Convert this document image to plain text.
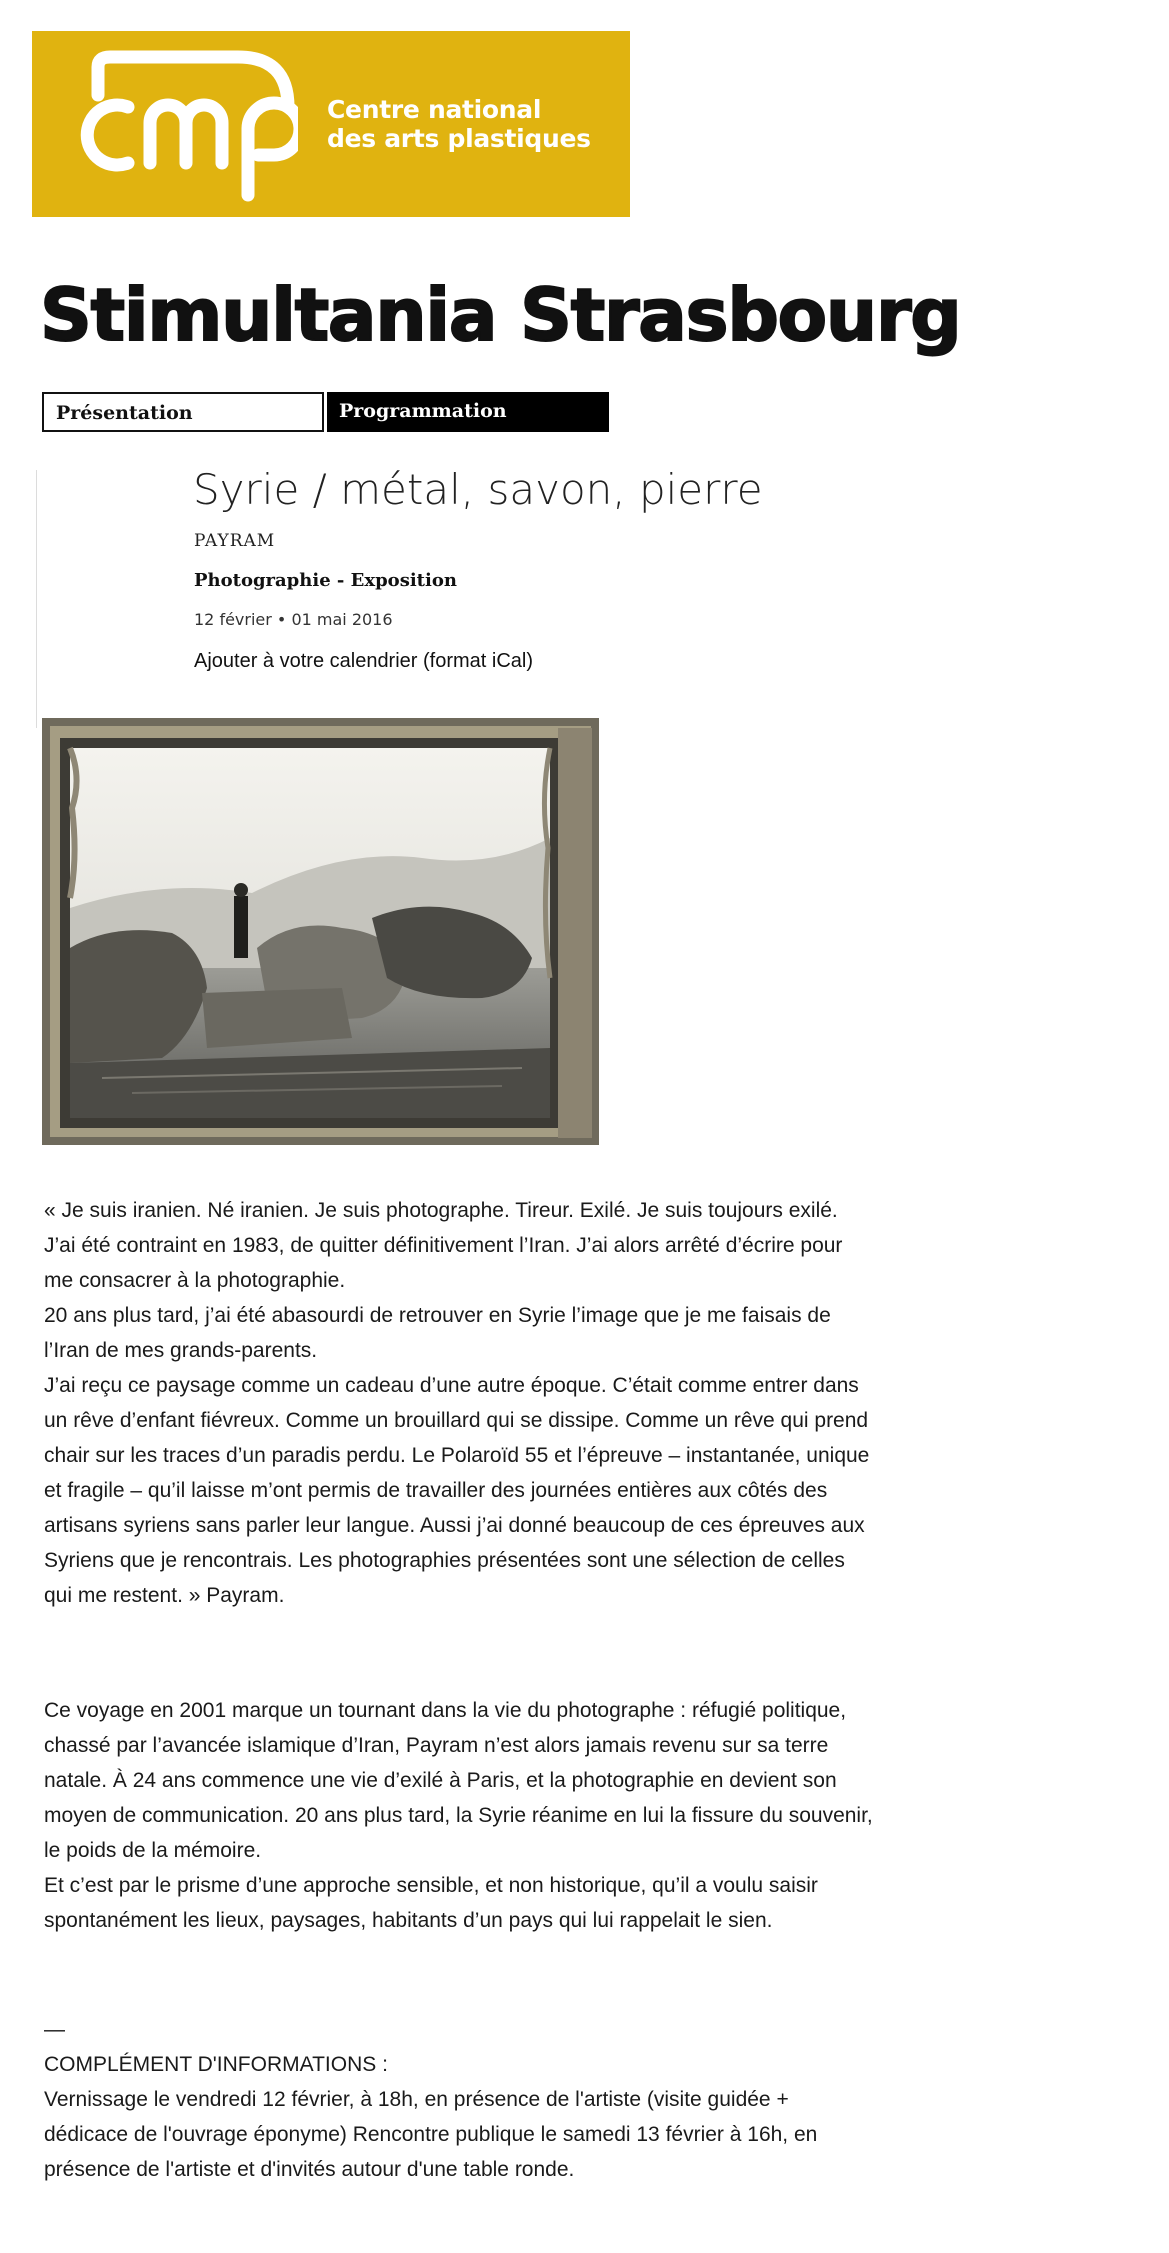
Centre national
des arts plastiques
Stimultania Strasbourg
Présentation	Programmation
Syrie / métal, savon, pierre
PAYRAM
Photographie - Exposition
12 février • 01 mai 2016
Ajouter à votre calendrier (format iCal)

« Je suis iranien. Né iranien. Je suis photographe. Tireur. Exilé. Je suis toujours exilé.

J’ai été contraint en 1983, de quitter définitivement l’Iran. J’ai alors arrêté d’écrire pour

me consacrer à la photographie.

20 ans plus tard, j’ai été abasourdi de retrouver en Syrie l’image que je me faisais de

l’Iran de mes grands-parents.

J’ai reçu ce paysage comme un cadeau d’une autre époque. C’était comme entrer dans

un rêve d’enfant fiévreux. Comme un brouillard qui se dissipe. Comme un rêve qui prend

chair sur les traces d’un paradis perdu. Le Polaroïd 55 et l’épreuve – instantanée, unique

et fragile – qu’il laisse m’ont permis de travailler des journées entières aux côtés des

artisans syriens sans parler leur langue. Aussi j’ai donné beaucoup de ces épreuves aux

Syriens que je rencontrais. Les photographies présentées sont une sélection de celles

qui me restent. » Payram.

Ce voyage en 2001 marque un tournant dans la vie du photographe : réfugié politique,

chassé par l’avancée islamique d’Iran, Payram n’est alors jamais revenu sur sa terre

natale. À 24 ans commence une vie d’exilé à Paris, et la photographie en devient son

moyen de communication. 20 ans plus tard, la Syrie réanime en lui la fissure du souvenir,

le poids de la mémoire.

Et c’est par le prisme d’une approche sensible, et non historique, qu’il a voulu saisir

spontanément les lieux, paysages, habitants d’un pays qui lui rappelait le sien.

—

COMPLÉMENT D'INFORMATIONS :

Vernissage le vendredi 12 février, à 18h, en présence de l'artiste (visite guidée +

dédicace de l'ouvrage éponyme) Rencontre publique le samedi 13 février à 16h, en

présence de l'artiste et d'invités autour d'une table ronde.
